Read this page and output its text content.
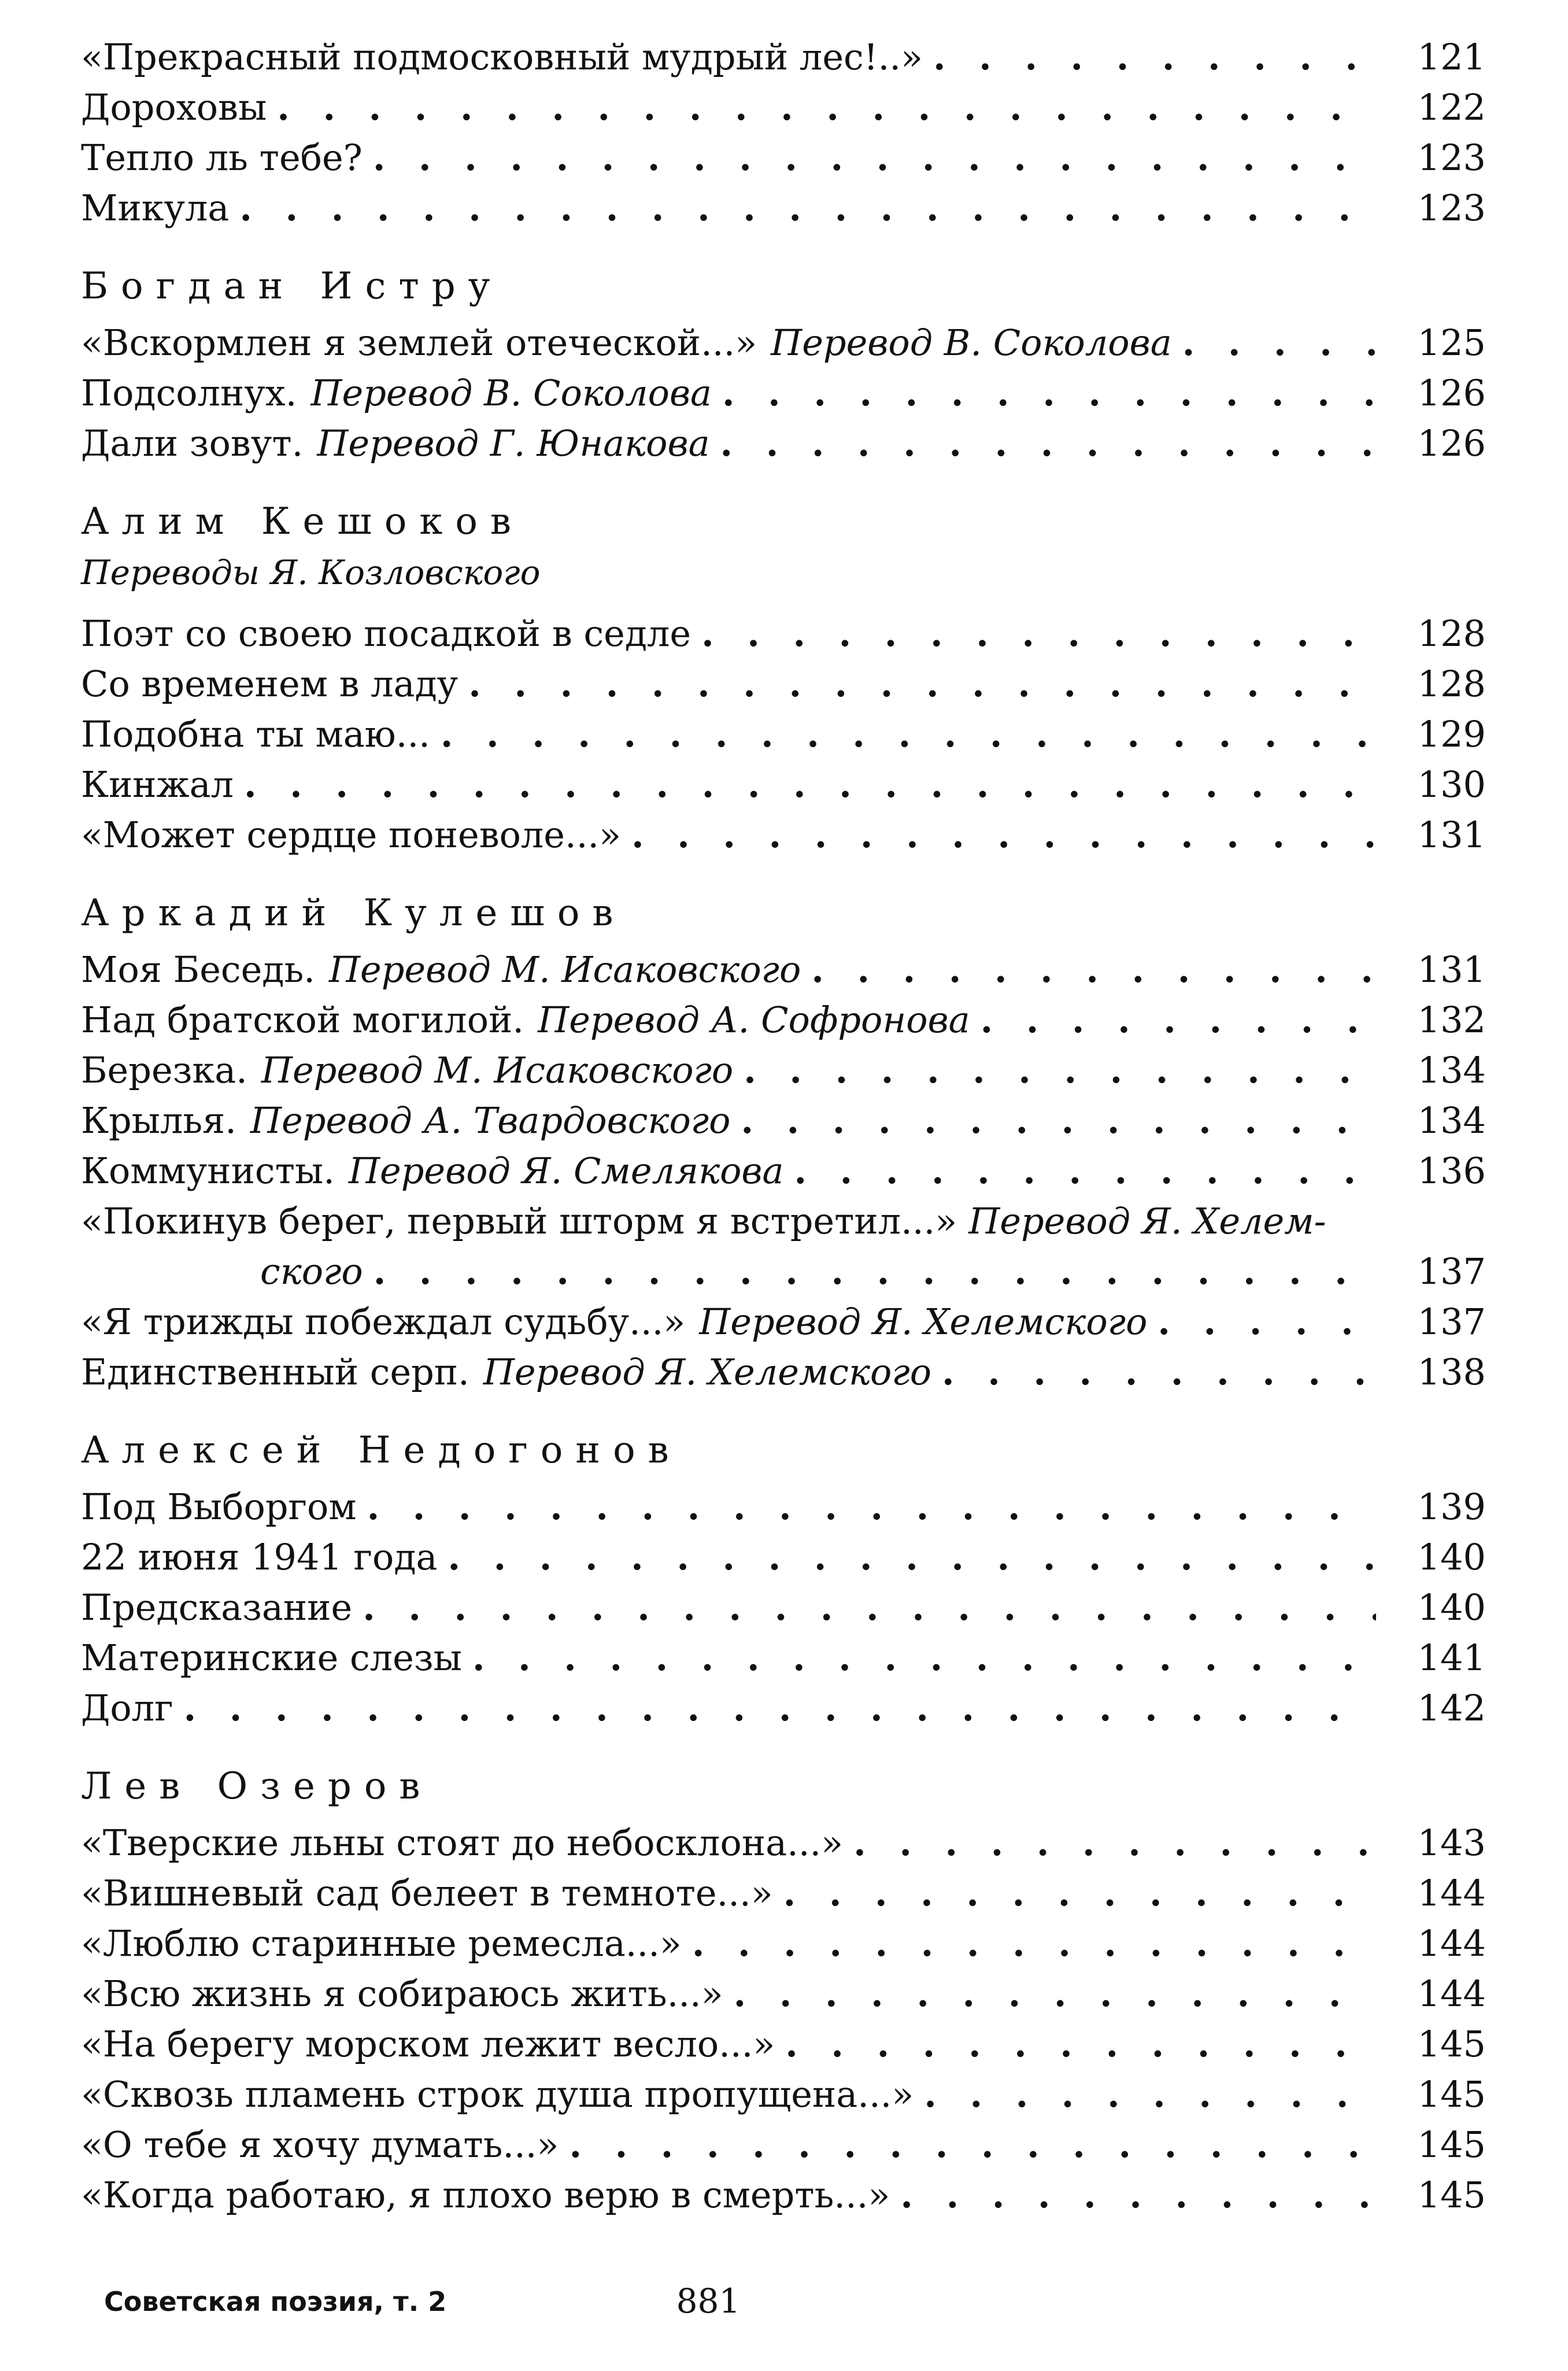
«Прекрасный подмосковный мудрый лес!..» . . .	121
Дороховы . . .	122
Тепло ль тебе? . . .	123
Микула . . .	123
Богдан Истру
«Вскормлен я землей отеческой...» Перевод В. Соколова . . .	125
Подсолнух. Перевод В. Соколова . . .	126
Дали зовут. Перевод Г. Юнакова . . .	126
Алим Кешоков
Переводы Я. Козловского
Поэт со своею посадкой в седле . . .	128
Со временем в ладу . . .	128
Подобна ты маю... . . .	129
Кинжал . . .	130
«Может сердце поневоле...» . . .	131
Аркадий Кулешов
Моя Беседь. Перевод М. Исаковского . . .	131
Над братской могилой. Перевод А. Софронова . . .	132
Березка. Перевод М. Исаковского . . .	134
Крылья. Перевод А. Твардовского . . .	134
Коммунисты. Перевод Я. Смелякова . . .	136
«Покинув берег, первый шторм я встретил...» Перевод Я. Хелем-
ского . . .	137
«Я трижды побеждал судьбу...» Перевод Я. Хелемского . . .	137
Единственный серп. Перевод Я. Хелемского . . .	138
Алексей Недогонов
Под Выборгом . . .	139
22 июня 1941 года . . .	140
Предсказание . . .	140
Материнские слезы . . .	141
Долг . . .	142
Лев Озеров
«Тверские льны стоят до небосклона...» . . .	143
«Вишневый сад белеет в темноте...» . . .	144
«Люблю старинные ремесла...» . . .	144
«Всю жизнь я собираюсь жить...» . . .	144
«На берегу морском лежит весло...» . . .	145
«Сквозь пламень строк душа пропущена...» . . .	145
«О тебе я хочу думать...» . . .	145
«Когда работаю, я плохо верю в смерть...» . . .	145
Советская поэзия, т. 2	881
